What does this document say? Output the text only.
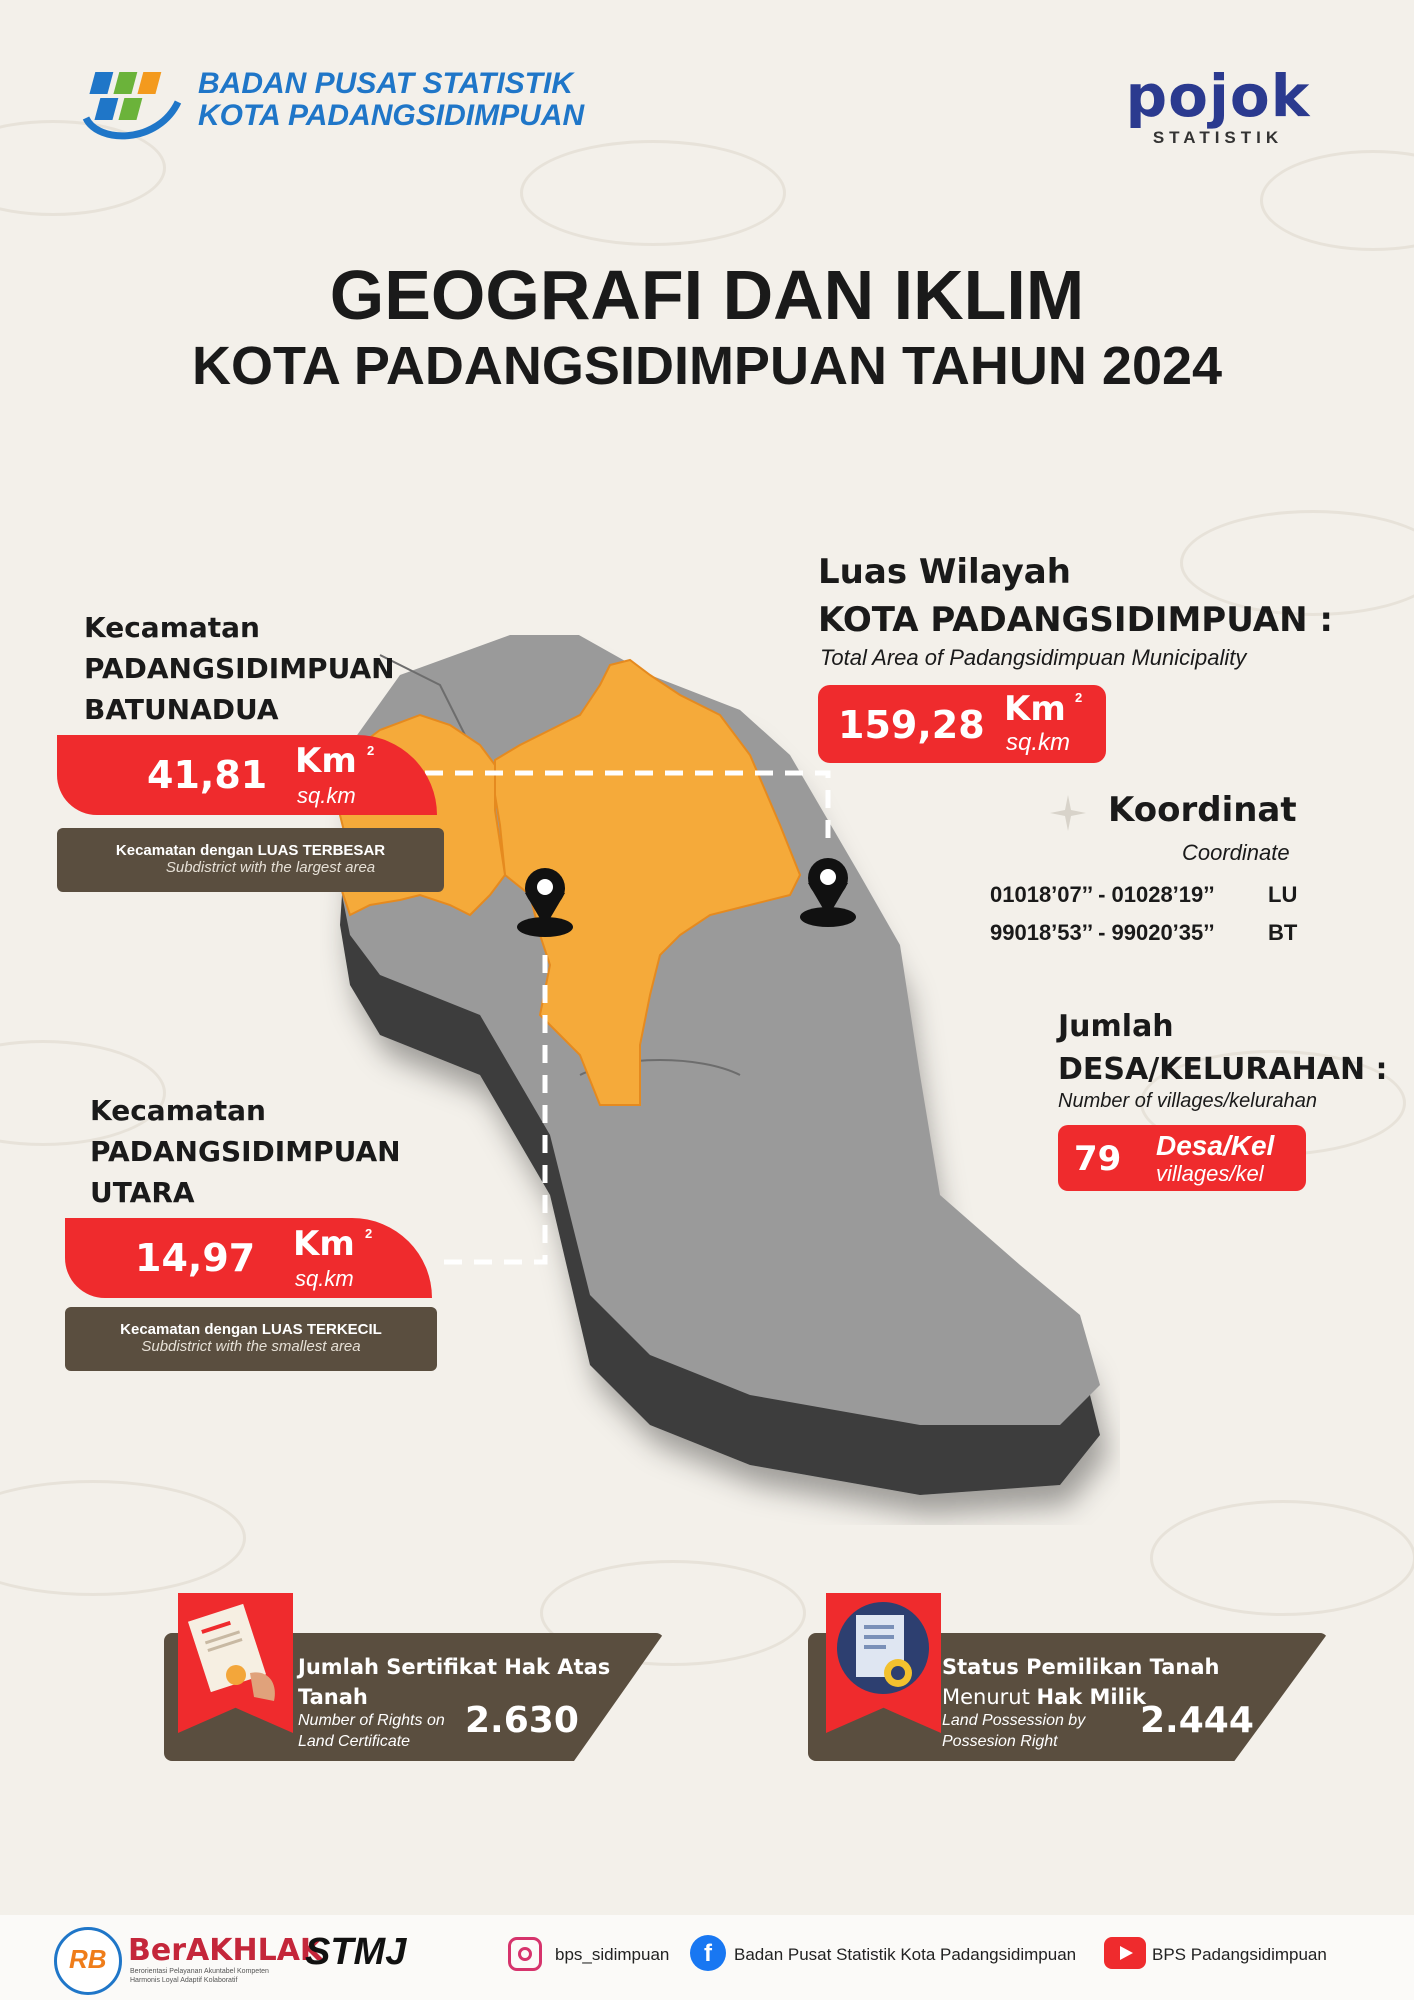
BADAN PUSAT STATISTIK
KOTA PADANGSIDIMPUAN	pojok
STATISTIK
GEOGRAFI DAN IKLIM
KOTA PADANGSIDIMPUAN TAHUN 2024
Kecamatan
PADANGSIDIMPUAN
BATUNADUA
41,81 Km 2
sq.km
Kecamatan dengan LUAS TERBESAR
Subdistrict with the largest area
Kecamatan
PADANGSIDIMPUAN
UTARA
14,97 Km 2
sq.km
Kecamatan dengan LUAS TERKECIL
Subdistrict with the smallest area
Luas Wilayah
KOTA PADANGSIDIMPUAN :
Total Area of Padangsidimpuan Municipality
159,28 Km 2
sq.km
Koordinat
Coordinate
01018’07’’ - 01028’19’’ LU
99018’53’’ - 99020’35’’ BT
Jumlah
DESA/KELURAHAN :
Number of villages/kelurahan
79 Desa/Kel
villages/kel
Jumlah Sertifikat Hak Atas
Tanah
Number of Rights on
Land Certificate
2.630
Status Pemilikan Tanah
Menurut Hak Milik
Land Possession by
Possesion Right
2.444
RB BerAKHLAK
Berorientasi Pelayanan Akuntabel Kompeten
Harmonis Loyal Adaptif Kolaboratif
STMJ	bps_sidimpuan	f	Badan Pusat Statistik Kota Padangsidimpuan	BPS Padangsidimpuan
